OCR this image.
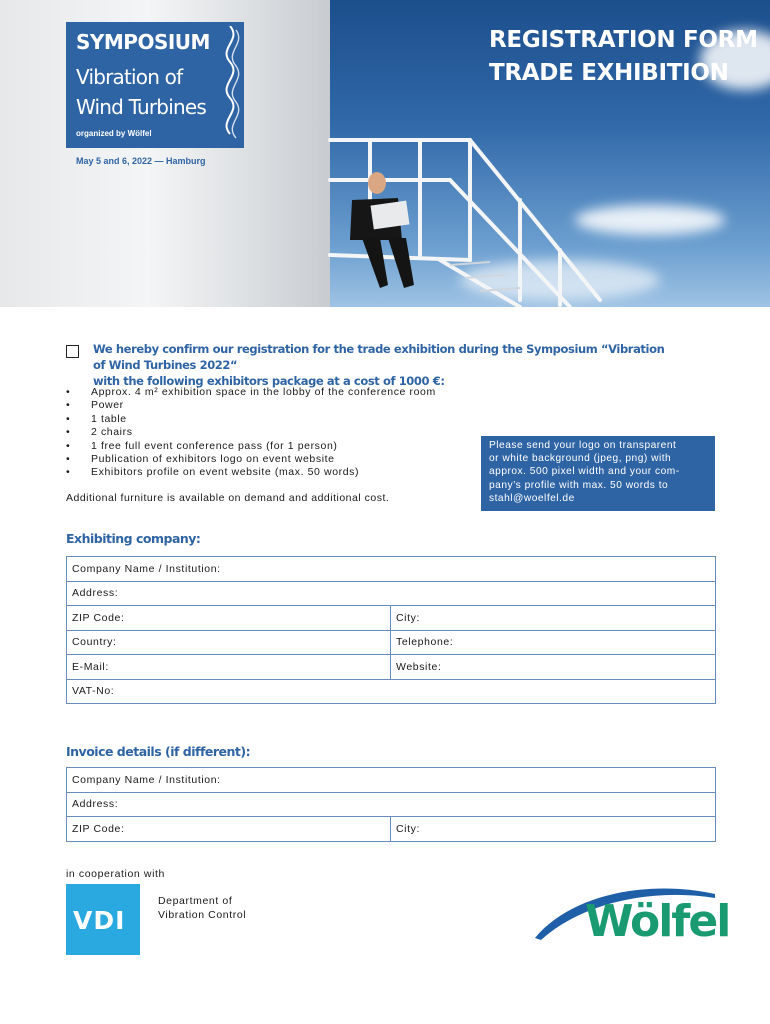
SYMPOSIUM
Vibration of
Wind Turbines
organized by Wölfel
May 5 and 6, 2022 — Hamburg
REGISTRATION FORM
TRADE EXHIBITION
We hereby confirm our registration for the trade exhibition during the Symposium “Vibration of Wind Turbines 2022“
with the following exhibitors package at a cost of 1000 €:
• Approx. 4 m² exhibition space in the lobby of the conference room
• Power
• 1 table
• 2 chairs
• 1 free full event conference pass (for 1 person)
• Publication of exhibitors logo on event website
• Exhibitors profile on event website (max. 50 words)
Additional furniture is available on demand and additional cost.
Please send your logo on transparent
or white background (jpeg, png) with
approx. 500 pixel width and your com-
pany’s profile with max. 50 words to
stahl@woelfel.de
Exhibiting company:
Company Name / Institution:	
Address:	
ZIP Code:	City:
Country:	Telephone:
E-Mail:	Website:
VAT-No:	
Invoice details (if different):
Company Name / Institution:
Address:
ZIP Code:	City:
in cooperation with
VDI
Department of
Vibration Control	Wölfel
